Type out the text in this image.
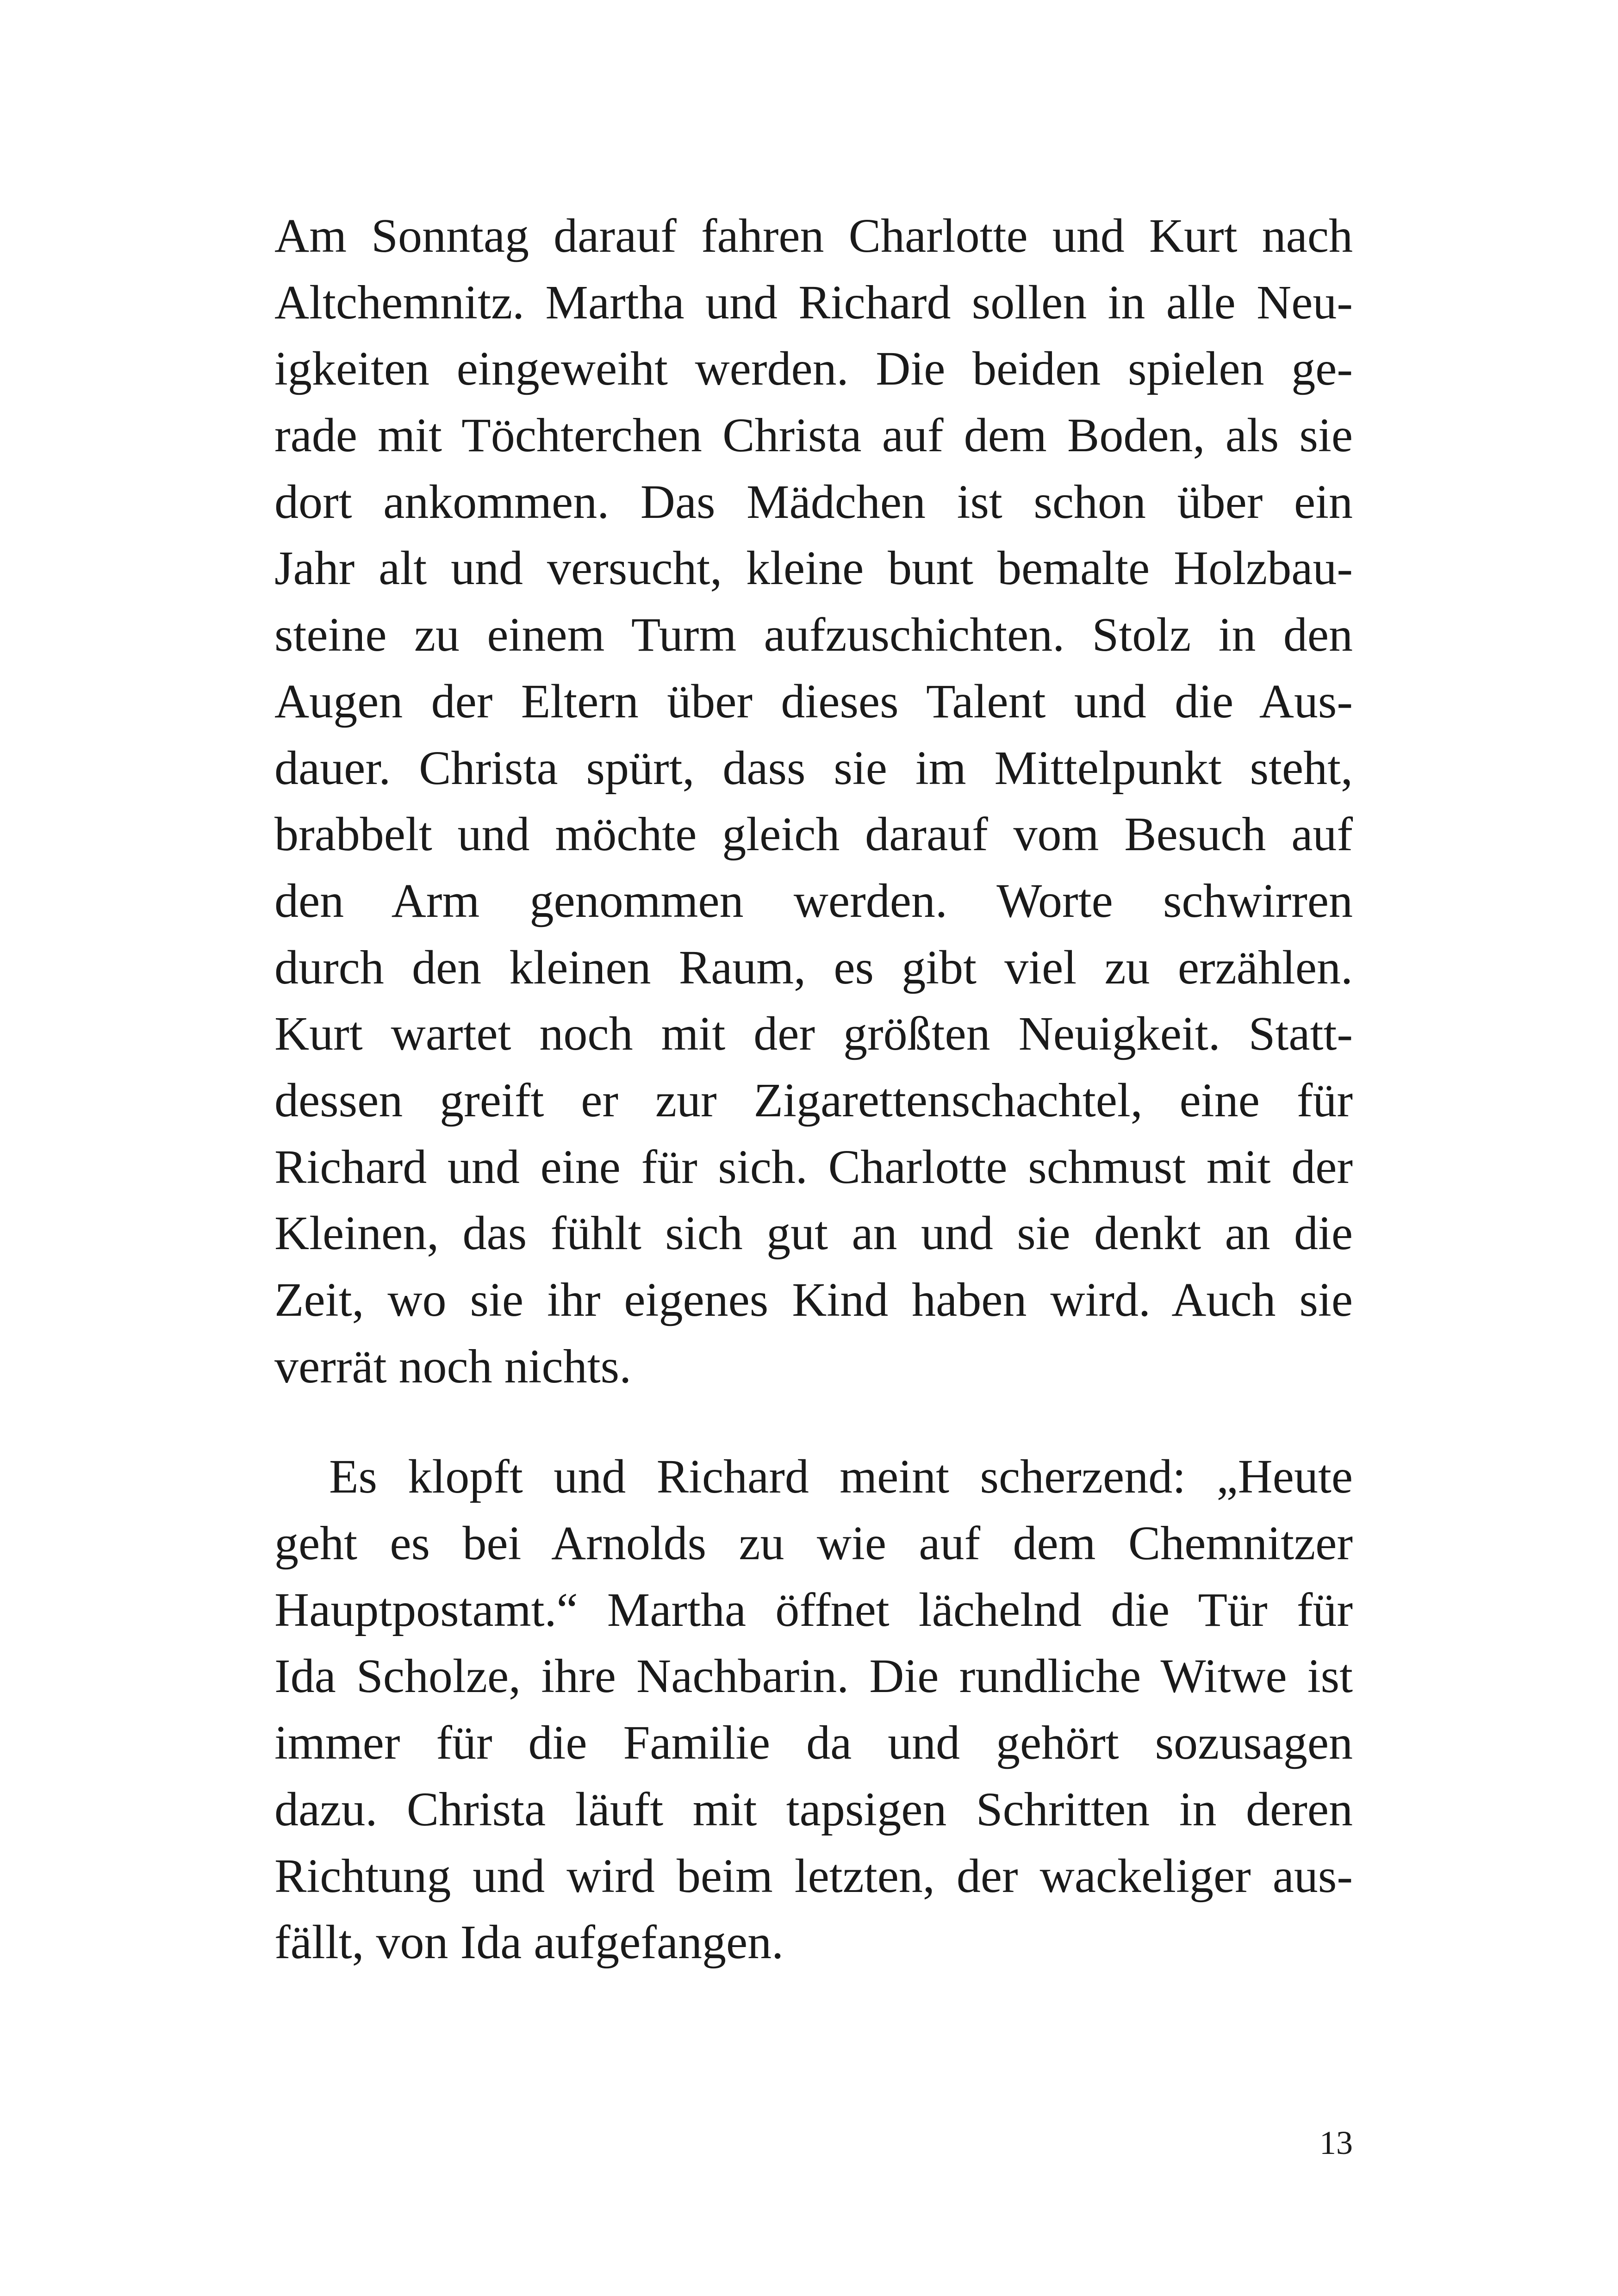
Am Sonntag darauf fahren Charlotte und Kurt nach
Altchemnitz. Martha und Richard sollen in alle Neu-
igkeiten eingeweiht werden. Die beiden spielen ge-
rade mit Töchterchen Christa auf dem Boden, als sie
dort ankommen. Das Mädchen ist schon über ein
Jahr alt und versucht, kleine bunt bemalte Holzbau-
steine zu einem Turm aufzuschichten. Stolz in den
Augen der Eltern über dieses Talent und die Aus-
dauer. Christa spürt, dass sie im Mittelpunkt steht,
brabbelt und möchte gleich darauf vom Besuch auf
den Arm genommen werden. Worte schwirren
durch den kleinen Raum, es gibt viel zu erzählen.
Kurt wartet noch mit der größten Neuigkeit. Statt-
dessen greift er zur Zigarettenschachtel, eine für
Richard und eine für sich. Charlotte schmust mit der
Kleinen, das fühlt sich gut an und sie denkt an die
Zeit, wo sie ihr eigenes Kind haben wird. Auch sie
verrät noch nichts.
Es klopft und Richard meint scherzend: „Heute
geht es bei Arnolds zu wie auf dem Chemnitzer
Hauptpostamt.“ Martha öffnet lächelnd die Tür für
Ida Scholze, ihre Nachbarin. Die rundliche Witwe ist
immer für die Familie da und gehört sozusagen
dazu. Christa läuft mit tapsigen Schritten in deren
Richtung und wird beim letzten, der wackeliger aus-
fällt, von Ida aufgefangen.
13
